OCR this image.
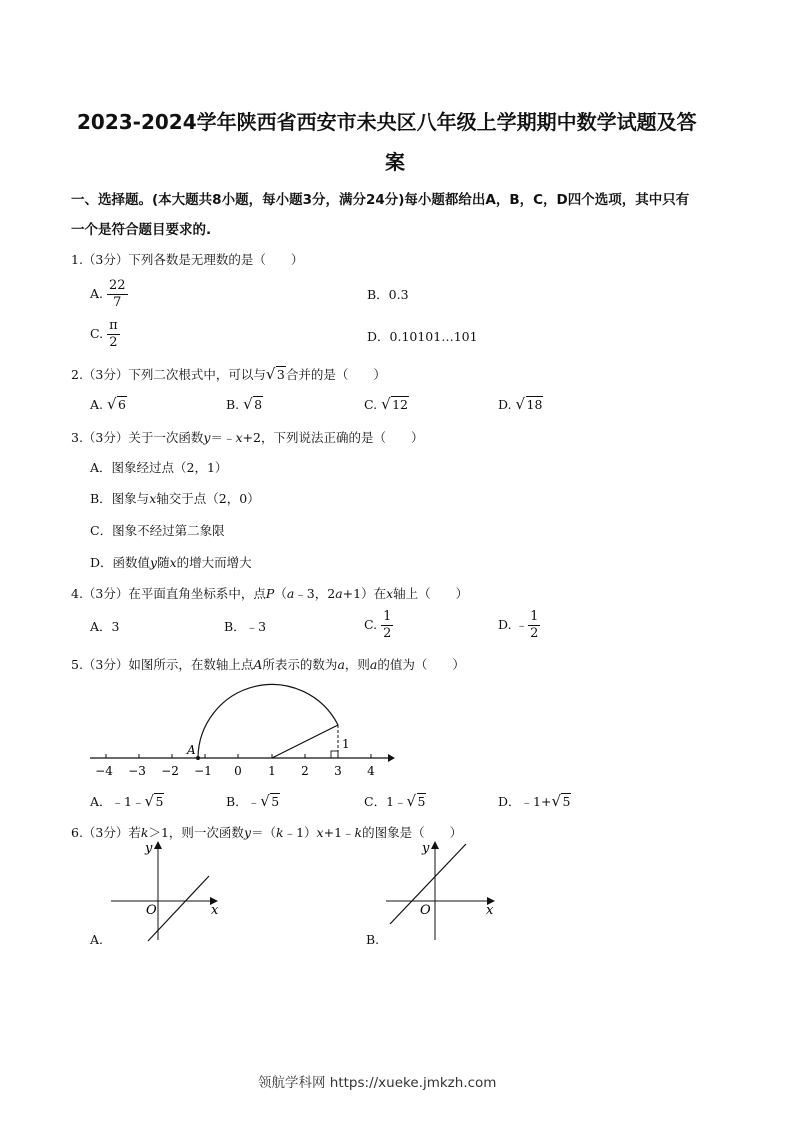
2023-2024学年陕西省西安市未央区八年级上学期期中数学试题及答
案
一、选择题。(本大题共8小题，每小题3分，满分24分)每小题都给出A，B，C，D四个选项，其中只有
一个是符合题目要求的.
1.（3分）下列各数是无理数的是（　　）
A. $\frac{22}{7}$	B．0.3
C. $\frac{\pi}{2}$	D．0.10101…101
2.（3分）下列二次根式中，可以与 √ 3合并的是（　　）
A. √ 6	B. √ 8	C. √ 12	D. √ 18
3.（3分）关于一次函数y＝﹣x+2，下列说法正确的是（　　）
A．图象经过点（2，1）
B．图象与x轴交于点（2，0）
C．图象不经过第二象限
D．函数值y随x的增大而增大
4.（3分）在平面直角坐标系中，点P（a﹣3，2a+1）在x轴上（　　）
A．3	B．﹣3	C. $\frac{1}{2}$	D. ﹣ $\frac{1}{2}$
5.（3分）如图所示，在数轴上点A所表示的数为a，则a的值为（　　）
A	1
−4 −3 −2 −1 0 1 2 3 4
A．﹣1﹣ √ 5	B．﹣ √ 5	C．1﹣ √ 5	D．﹣1+ √ 5
6.（3分）若k＞1，则一次函数y＝（k﹣1）x+1﹣k的图象是（　　）
y
O	x
A.
y
O	x
B.
领航学科网 https://xueke.jmkzh.com
